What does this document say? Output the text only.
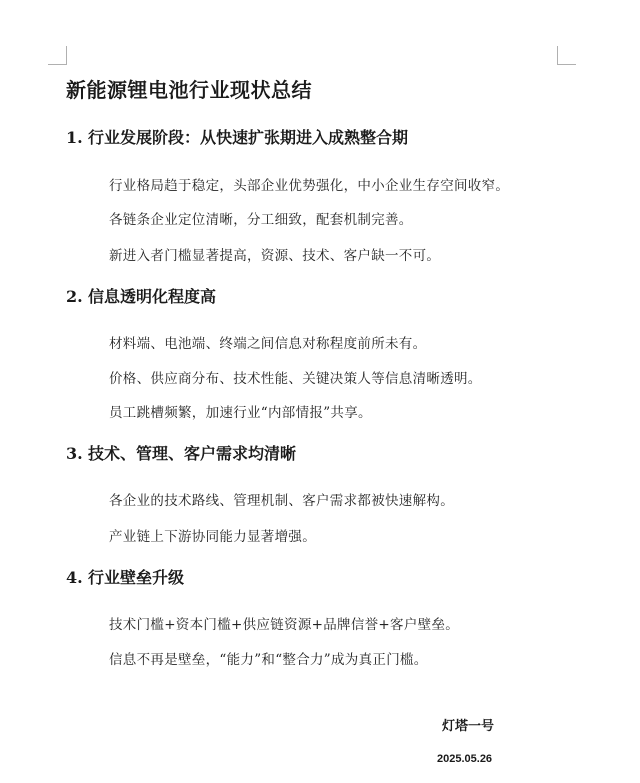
新能源锂电池行业现状总结
1. 行业发展阶段：从快速扩张期进入成熟整合期
行业格局趋于稳定，头部企业优势强化，中小企业生存空间收窄。
各链条企业定位清晰，分工细致，配套机制完善。
新进入者门槛显著提高，资源、技术、客户缺一不可。
2. 信息透明化程度高
材料端、电池端、终端之间信息对称程度前所未有。
价格、供应商分布、技术性能、关键决策人等信息清晰透明。
员工跳槽频繁，加速行业“内部情报”共享。
3. 技术、管理、客户需求均清晰
各企业的技术路线、管理机制、客户需求都被快速解构。
产业链上下游协同能力显著增强。
4. 行业壁垒升级
技术门槛+资本门槛+供应链资源+品牌信誉+客户壁垒。
信息不再是壁垒，“能力”和“整合力”成为真正门槛。
灯塔一号
2025.05.26
